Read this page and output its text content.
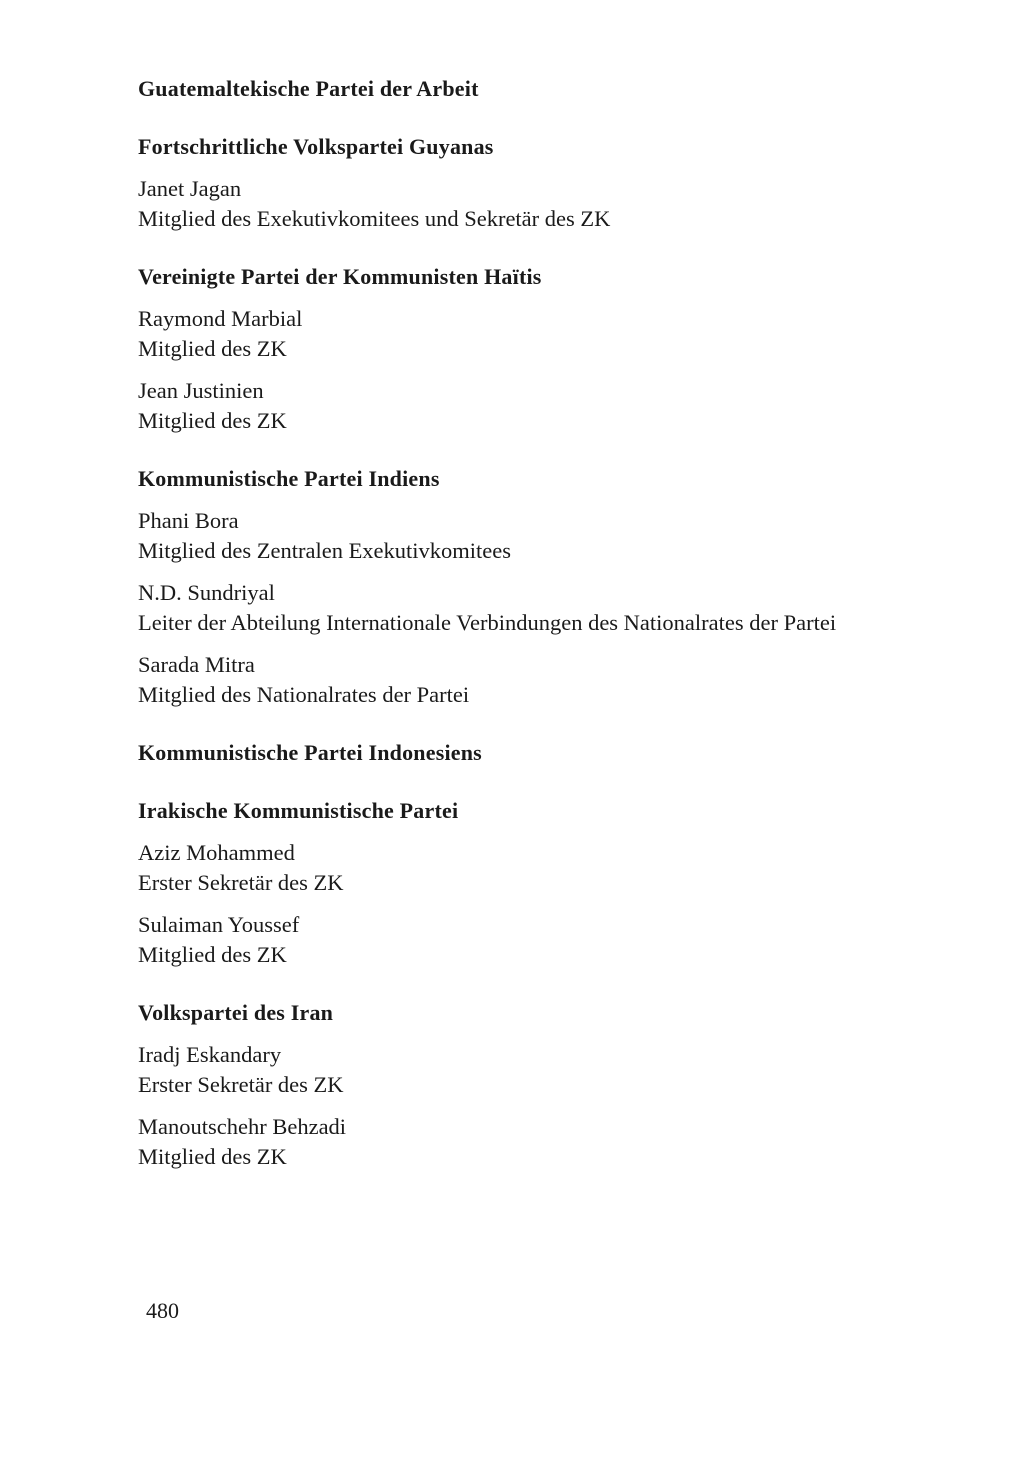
Guatemaltekische Partei der Arbeit
Fortschrittliche Volkspartei Guyanas
Janet Jagan
Mitglied des Exekutivkomitees und Sekretär des ZK
Vereinigte Partei der Kommunisten Haïtis
Raymond Marbial
Mitglied des ZK
Jean Justinien
Mitglied des ZK
Kommunistische Partei Indiens
Phani Bora
Mitglied des Zentralen Exekutivkomitees
N.D. Sundriyal
Leiter der Abteilung Internationale Verbindungen des Nationalrates der Partei
Sarada Mitra
Mitglied des Nationalrates der Partei
Kommunistische Partei Indonesiens
Irakische Kommunistische Partei
Aziz Mohammed
Erster Sekretär des ZK
Sulaiman Youssef
Mitglied des ZK
Volkspartei des Iran
Iradj Eskandary
Erster Sekretär des ZK
Manoutschehr Behzadi
Mitglied des ZK
480
